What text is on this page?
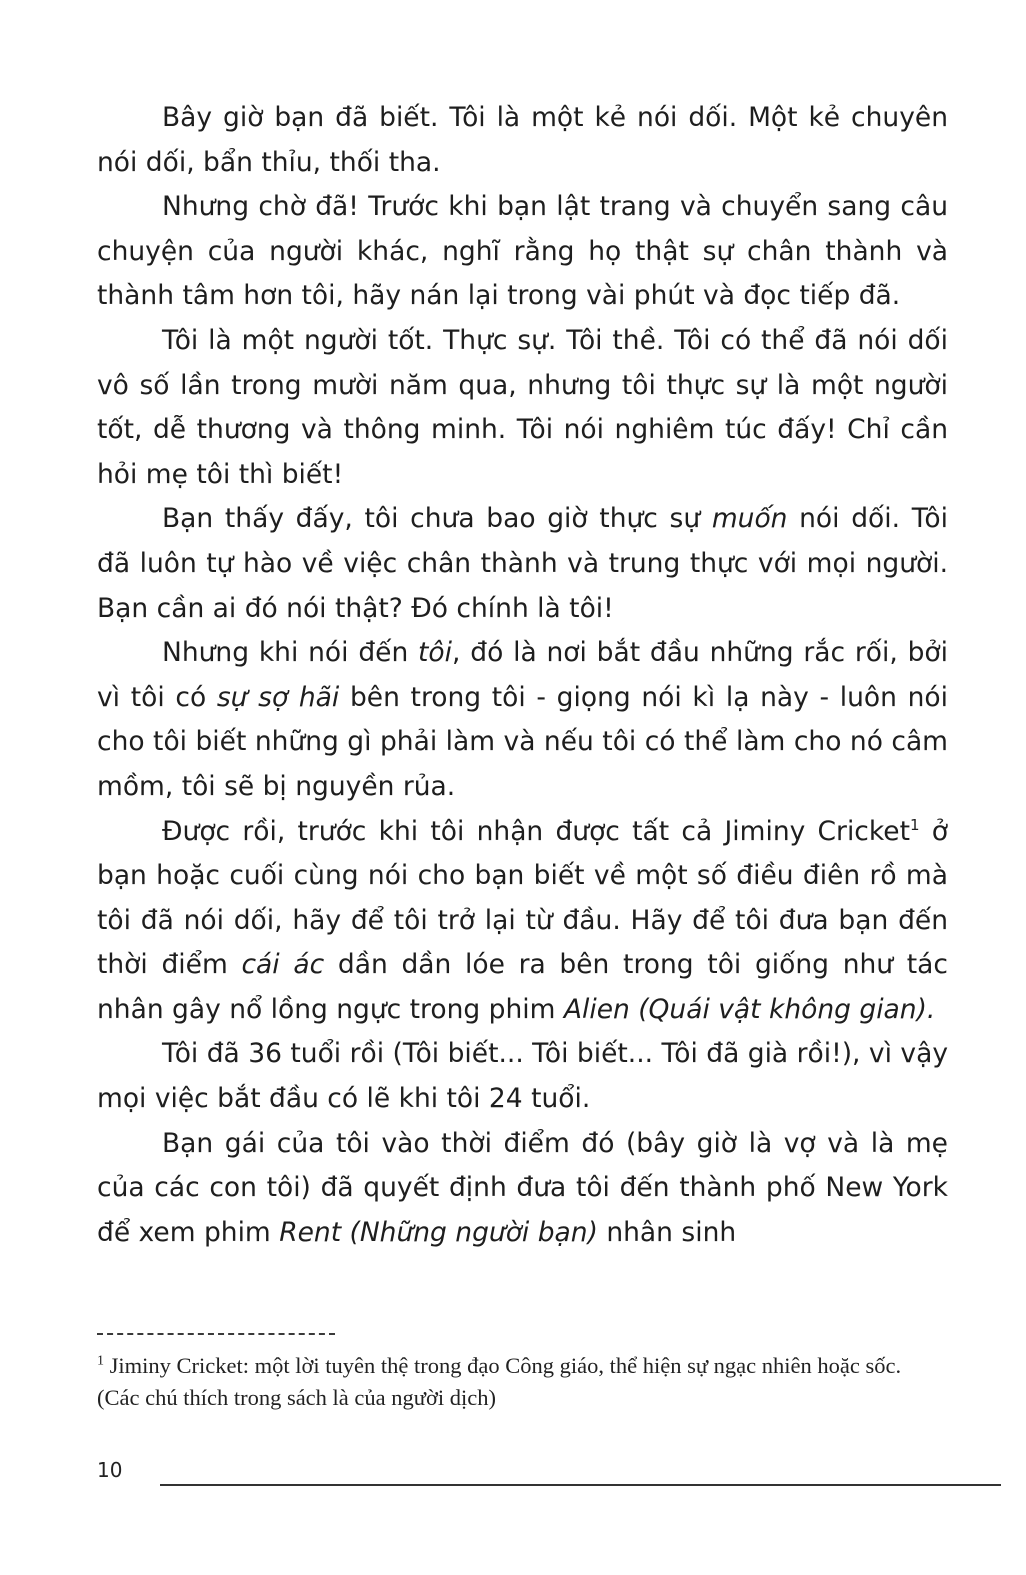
Bây giờ bạn đã biết. Tôi là một kẻ nói dối. Một kẻ chuyên nói dối, bẩn thỉu, thối tha.

Nhưng chờ đã! Trước khi bạn lật trang và chuyển sang câu chuyện của người khác, nghĩ rằng họ thật sự chân thành và thành tâm hơn tôi, hãy nán lại trong vài phút và đọc tiếp đã.

Tôi là một người tốt. Thực sự. Tôi thề. Tôi có thể đã nói dối vô số lần trong mười năm qua, nhưng tôi thực sự là một người tốt, dễ thương và thông minh. Tôi nói nghiêm túc đấy! Chỉ cần hỏi mẹ tôi thì biết!

Bạn thấy đấy, tôi chưa bao giờ thực sự muốn nói dối. Tôi đã luôn tự hào về việc chân thành và trung thực với mọi người. Bạn cần ai đó nói thật? Đó chính là tôi!

Nhưng khi nói đến tôi, đó là nơi bắt đầu những rắc rối, bởi vì tôi có sự sợ hãi bên trong tôi - giọng nói kì lạ này - luôn nói cho tôi biết những gì phải làm và nếu tôi có thể làm cho nó câm mồm, tôi sẽ bị nguyền rủa.

Được rồi, trước khi tôi nhận được tất cả Jiminy Cricket$^1$ ở bạn hoặc cuối cùng nói cho bạn biết về một số điều điên rồ mà tôi đã nói dối, hãy để tôi trở lại từ đầu. Hãy để tôi đưa bạn đến thời điểm cái ác dần dần lóe ra bên trong tôi giống như tác nhân gây nổ lồng ngực trong phim Alien (Quái vật không gian).

Tôi đã 36 tuổi rồi (Tôi biết... Tôi biết... Tôi đã già rồi!), vì vậy mọi việc bắt đầu có lẽ khi tôi 24 tuổi.

Bạn gái của tôi vào thời điểm đó (bây giờ là vợ và là mẹ của các con tôi) đã quyết định đưa tôi đến thành phố New York để xem phim Rent (Những người bạn) nhân sinh

$^1$ Jiminy Cricket: một lời tuyên thệ trong đạo Công giáo, thể hiện sự ngạc nhiên hoặc sốc. (Các chú thích trong sách là của người dịch)
10
